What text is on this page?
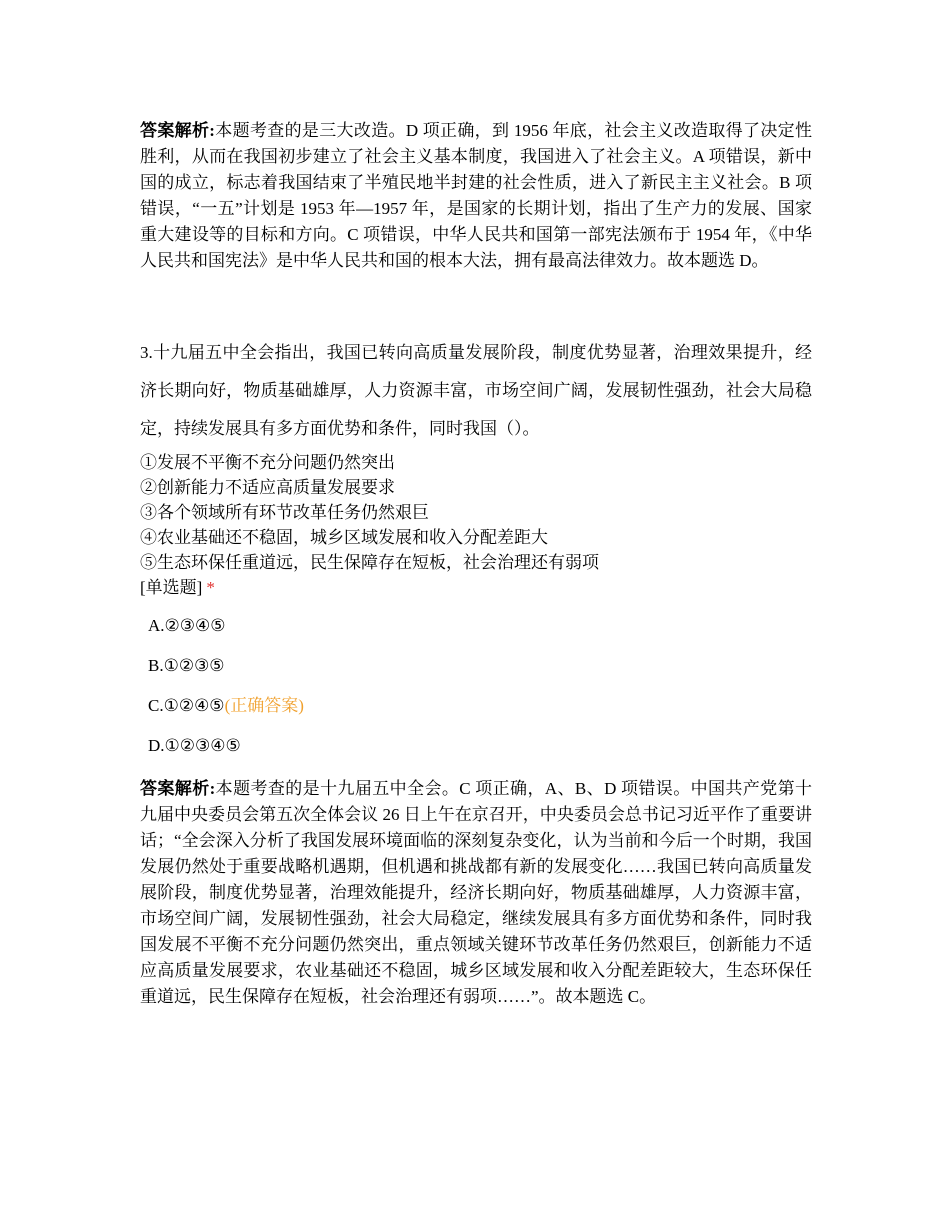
答案解析:本题考查的是三大改造。D 项正确，到 1956 年底，社会主义改造取得了决定性胜利，从而在我国初步建立了社会主义基本制度，我国进入了社会主义。A 项错误，新中国的成立，标志着我国结束了半殖民地半封建的社会性质，进入了新民主主义社会。B 项错误，“一五”计划是 1953 年—1957 年，是国家的长期计划，指出了生产力的发展、国家重大建设等的目标和方向。C 项错误，中华人民共和国第一部宪法颁布于 1954 年，《中华人民共和国宪法》是中华人民共和国的根本大法，拥有最高法律效力。故本题选 D。

3.十九届五中全会指出，我国已转向高质量发展阶段，制度优势显著，治理效果提升，经济长期向好，物质基础雄厚，人力资源丰富，市场空间广阔，发展韧性强劲，社会大局稳定，持续发展具有多方面优势和条件，同时我国（）。

①发展不平衡不充分问题仍然突出

②创新能力不适应高质量发展要求

③各个领域所有环节改革任务仍然艰巨

④农业基础还不稳固，城乡区域发展和收入分配差距大

⑤生态环保任重道远，民生保障存在短板，社会治理还有弱项

[单选题] *

A.②③④⑤

B.①②③⑤

C.①②④⑤(正确答案)

D.①②③④⑤

答案解析:本题考查的是十九届五中全会。C 项正确，A、B、D 项错误。中国共产党第十九届中央委员会第五次全体会议 26 日上午在京召开，中央委员会总书记习近平作了重要讲话；“全会深入分析了我国发展环境面临的深刻复杂变化，认为当前和今后一个时期，我国发展仍然处于重要战略机遇期，但机遇和挑战都有新的发展变化……我国已转向高质量发展阶段，制度优势显著，治理效能提升，经济长期向好，物质基础雄厚，人力资源丰富，市场空间广阔，发展韧性强劲，社会大局稳定，继续发展具有多方面优势和条件，同时我国发展不平衡不充分问题仍然突出，重点领域关键环节改革任务仍然艰巨，创新能力不适应高质量发展要求，农业基础还不稳固，城乡区域发展和收入分配差距较大，生态环保任重道远，民生保障存在短板，社会治理还有弱项……”。故本题选 C。
